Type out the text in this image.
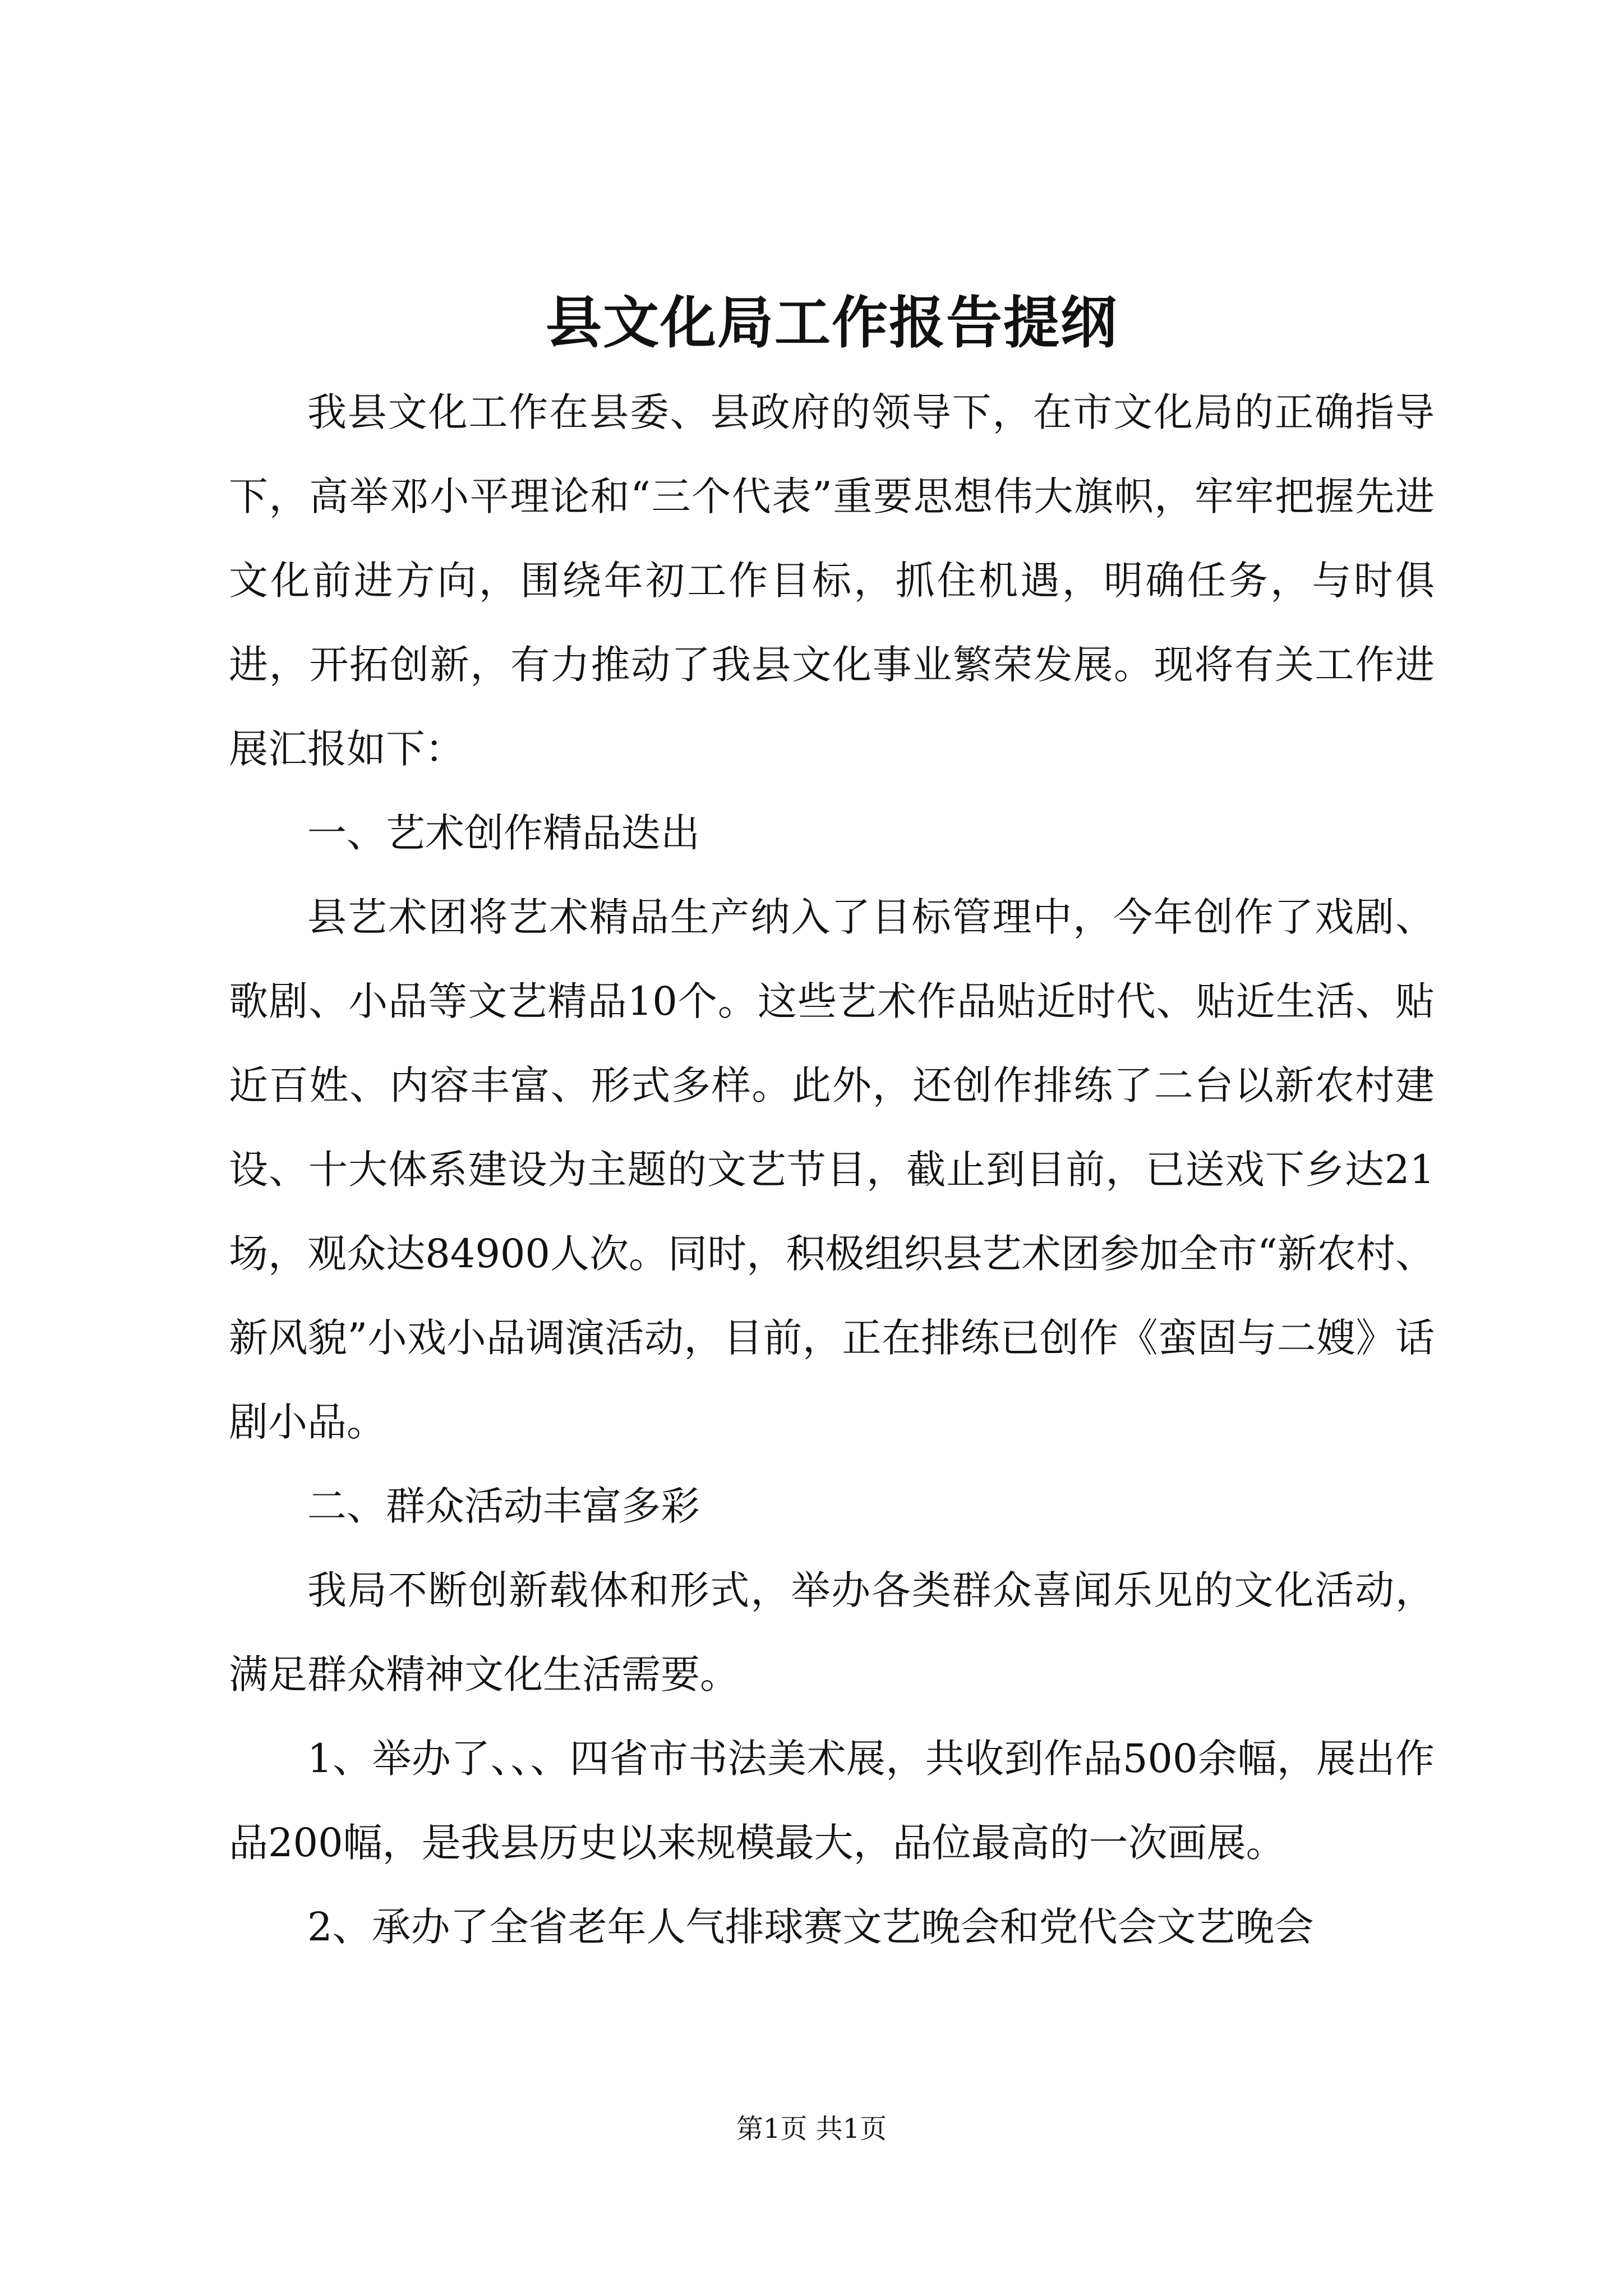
县文化局工作报告提纲

我县文化工作在县委、县政府的领导下，在市文化局的正确指导下，高举邓小平理论和“三个代表”重要思想伟大旗帜，牢牢把握先进文化前进方向，围绕年初工作目标，抓住机遇，明确任务，与时俱进，开拓创新，有力推动了我县文化事业繁荣发展。现将有关工作进展汇报如下：

一、艺术创作精品迭出

县艺术团将艺术精品生产纳入了目标管理中，今年创作了戏剧、歌剧、小品等文艺精品10个。这些艺术作品贴近时代、贴近生活、贴近百姓、内容丰富、形式多样。此外，还创作排练了二台以新农村建设、十大体系建设为主题的文艺节目，截止到目前，已送戏下乡达21场，观众达84900人次。同时，积极组织县艺术团参加全市“新农村、新风貌”小戏小品调演活动，目前，正在排练已创作《蛮固与二嫂》话剧小品。

二、群众活动丰富多彩

我局不断创新载体和形式，举办各类群众喜闻乐见的文化活动，满足群众精神文化生活需要。

1、举办了、、、四省市书法美术展，共收到作品500余幅，展出作品200幅，是我县历史以来规模最大，品位最高的一次画展。

2、承办了全省老年人气排球赛文艺晚会和党代会文艺晚会

第1页 共1页
